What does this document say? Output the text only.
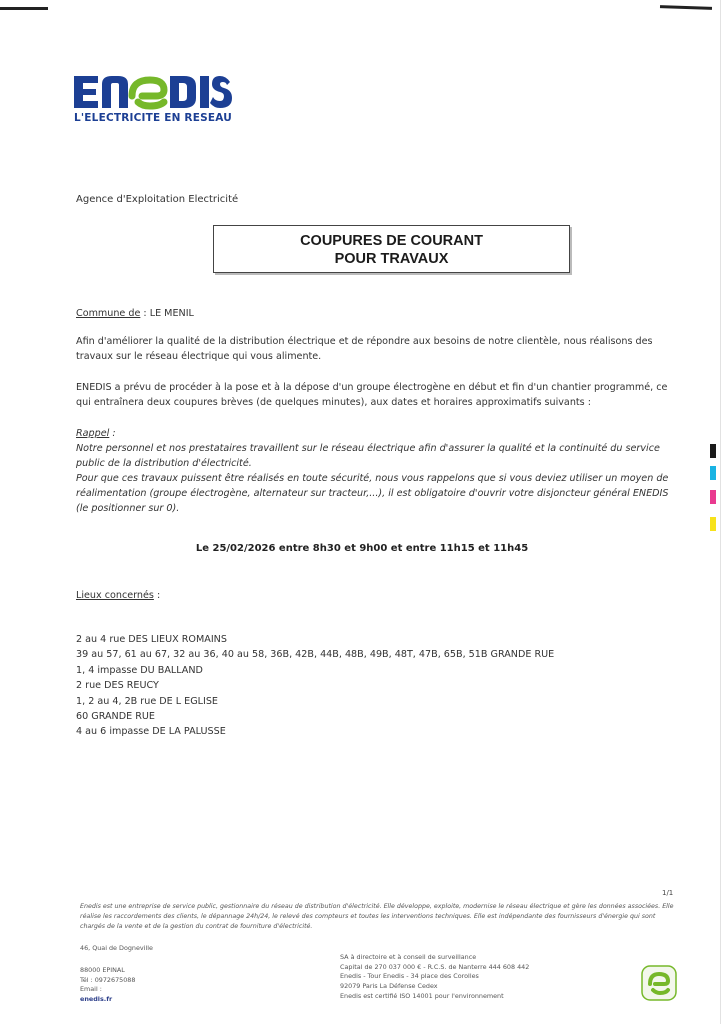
L'ELECTRICITE EN RESEAU
Agence d'Exploitation Electricité
COUPURES DE COURANT
POUR TRAVAUX
Commune de : LE MENIL
Afin d'améliorer la qualité de la distribution électrique et de répondre aux besoins de notre clientèle, nous réalisons des travaux sur le réseau électrique qui vous alimente.
ENEDIS a prévu de procéder à la pose et à la dépose d'un groupe électrogène en début et fin d'un chantier programmé, ce qui entraînera deux coupures brèves (de quelques minutes), aux dates et horaires approximatifs suivants :
Rappel :
Notre personnel et nos prestataires travaillent sur le réseau électrique afin d'assurer la qualité et la continuité du service public de la distribution d'électricité.
Pour que ces travaux puissent être réalisés en toute sécurité, nous vous rappelons que si vous deviez utiliser un moyen de réalimentation (groupe électrogène, alternateur sur tracteur,...), il est obligatoire d'ouvrir votre disjoncteur général ENEDIS (le positionner sur 0).
Le 25/02/2026 entre 8h30 et 9h00 et entre 11h15 et 11h45
Lieux concernés :
2 au 4 rue DES LIEUX ROMAINS
39 au 57, 61 au 67, 32 au 36, 40 au 58, 36B, 42B, 44B, 48B, 49B, 48T, 47B, 65B, 51B GRANDE RUE
1, 4 impasse DU BALLAND
2 rue DES REUCY
1, 2 au 4, 2B rue DE L EGLISE
60 GRANDE RUE
4 au 6 impasse DE LA PALUSSE
1/1
Enedis est une entreprise de service public, gestionnaire du réseau de distribution d'électricité. Elle développe, exploite, modernise le réseau électrique et gère les données associées. Elle réalise les raccordements des clients, le dépannage 24h/24, le relevé des compteurs et toutes les interventions techniques. Elle est indépendante des fournisseurs d'énergie qui sont chargés de la vente et de la gestion du contrat de fourniture d'électricité.
46, Quai de Dogneville
88000 EPINAL
Tél : 0972675088
Email :
enedis.fr
SA à directoire et à conseil de surveillance
Capital de 270 037 000 € - R.C.S. de Nanterre 444 608 442
Enedis - Tour Enedis - 34 place des Corolles
92079 Paris La Défense Cedex
Enedis est certifié ISO 14001 pour l'environnement
